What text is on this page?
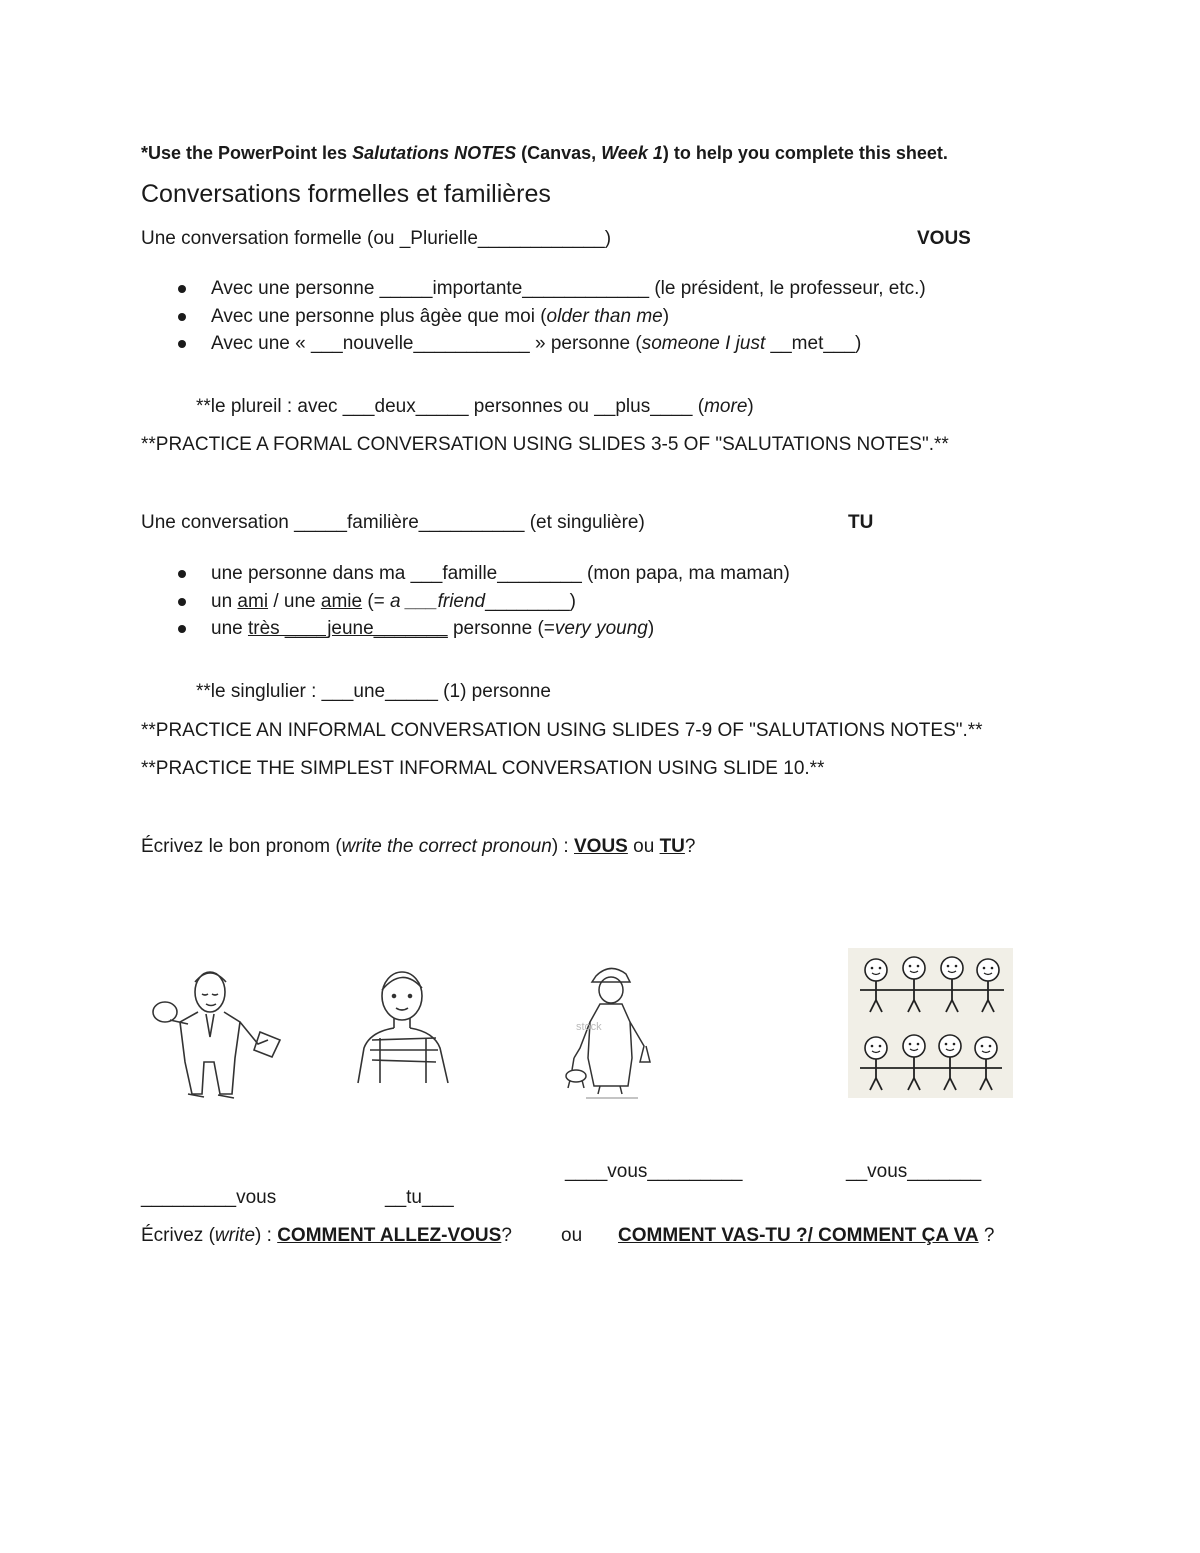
*Use the PowerPoint les Salutations NOTES (Canvas, Week 1) to help you complete this sheet.
Conversations formelles et familières
Une conversation formelle (ou _Plurielle____________)	VOUS
Avec une personne _____importante____________ (le président, le professeur, etc.)
Avec une personne plus âgèe que moi (older than me)
Avec une « ___nouvelle___________ » personne (someone I just __met___)
**le plureil : avec ___deux_____ personnes ou __plus____ (more)
**PRACTICE A FORMAL CONVERSATION USING SLIDES 3-5 OF "SALUTATIONS NOTES".**
Une conversation _____familière__________ (et singulière)	TU
une personne dans ma ___famille________ (mon papa, ma maman)
un ami / une amie (= a ___friend________)
une très ____jeune_______ personne (=very young)
**le singlulier : ___une_____ (1) personne
**PRACTICE AN INFORMAL CONVERSATION USING SLIDES 7-9 OF "SALUTATIONS NOTES".**
**PRACTICE THE SIMPLEST INFORMAL CONVERSATION USING SLIDE 10.**
Écrivez le bon pronom (write the correct pronoun) : VOUS ou TU?
stock
____vous_________	__vous_______
_________vous	__tu___
Écrivez (write) : COMMENT ALLEZ-VOUS?	ou COMMENT VAS-TU ?/ COMMENT ÇA VA ?
